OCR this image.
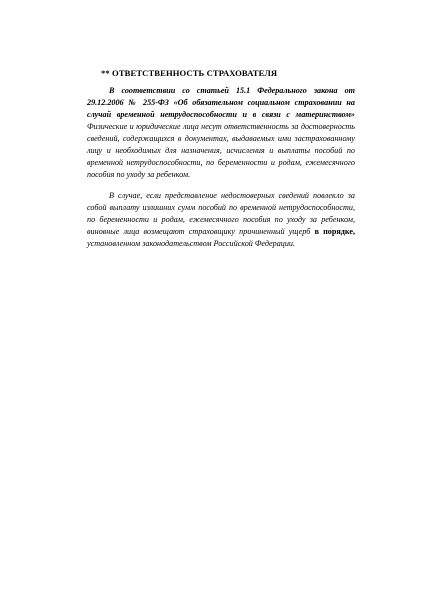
** ОТВЕТСТВЕННОСТЬ СТРАХОВАТЕЛЯ

В соответствии со статьей 15.1 Федерального закона от 29.12.2006 № 255-ФЗ «Об обязательном социальном страховании на случай временной нетрудоспособности и в связи с материнством» Физические и юридические лица несут ответственность за достоверность сведений, содержащихся в документах, выдаваемых ими застрахованному лицу и необходимых для назначения, исчисления и выплаты пособий по временной нетрудоспособности, по беременности и родам, ежемесячного пособия по уходу за ребенком.

В случае, если представление недостоверных сведений повлекло за собой выплату излишних сумм пособий по временной нетрудоспособности, по беременности и родам, ежемесячного пособия по уходу за ребенком, виновные лица возмещают страховщику причиненный ущерб в порядке, установленном законодательством Российской Федерации.
